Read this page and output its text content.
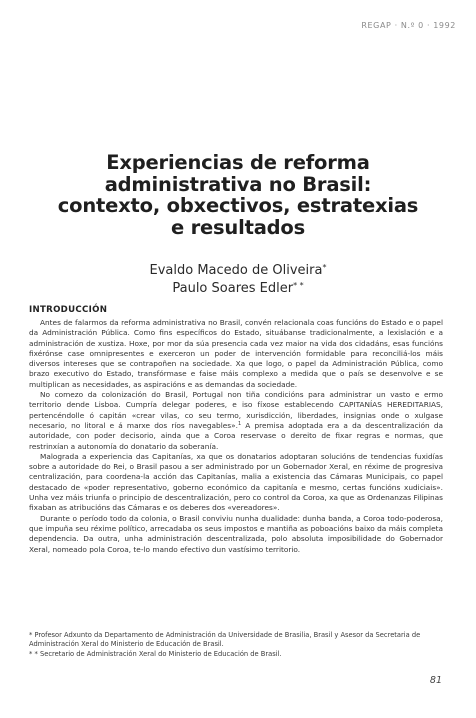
REGAP · N.º 0 · 1992
Experiencias de reforma
administrativa no Brasil:
contexto, obxectivos, estratexias
e resultados
Evaldo Macedo de Oliveira*
Paulo Soares Edler* *
INTRODUCCIÓN

Antes de falarmos da reforma administrativa no Brasil, convén relacionala coas funcións do Estado e o papel da Administración Pública. Como fins específicos do Estado, situábanse tradicionalmente, a lexislación e a administración de xustiza. Hoxe, por mor da súa presencia cada vez maior na vida dos cidadáns, esas funcións fixérónse case omnipresentes e exerceron un poder de intervención formidable para reconciliá-los máis diversos intereses que se contrapoñen na sociedade. Xa que logo, o papel da Administración Pública, como brazo executivo do Estado, transfórmase e faise máis complexo a medida que o país se desenvolve e se multiplican as necesidades, as aspiracións e as demandas da sociedade.

No comezo da colonización do Brasil, Portugal non tiña condicións para administrar un vasto e ermo territorio dende Lisboa. Cumpría delegar poderes, e iso fíxose establecendo CAPITANÍAS HEREDITARIAS, pertencéndolle ó capitán «crear vilas, co seu termo, xurisdicción, liberdades, insignias onde o xulgase necesario, no litoral e á marxe dos ríos navegables».$^1$ A premisa adoptada era a da descentralización da autoridade, con poder decisorio, ainda que a Coroa reservase o dereito de fixar regras e normas, que restrinxían a autonomía do donatario da soberanía.

Malograda a experiencia das Capitanías, xa que os donatarios adoptaran solucións de tendencias fuxidías sobre a autoridade do Rei, o Brasil pasou a ser administrado por un Gobernador Xeral, en réxime de progresiva centralización, para coordena-la acción das Capitanías, malia a existencia das Cámaras Municipais, co papel destacado de «poder representativo, goberno económico da capitanía e mesmo, certas funcións xudiciais». Unha vez máis triunfa o principio de descentralización, pero co control da Coroa, xa que as Ordenanzas Filipinas fixaban as atribucións das Cámaras e os deberes dos «vereadores».

Durante o período todo da colonia, o Brasil conviviu nunha dualidade: dunha banda, a Coroa todo-poderosa, que impuña seu réxime político, arrecadaba os seus impostos e mantiña as poboacións baixo da máis completa dependencia. Da outra, unha administración descentralizada, polo absoluta imposibilidade do Gobernador Xeral, nomeado pola Coroa, te-lo mando efectivo dun vastísimo territorio.

* Profesor Adxunto da Departamento de Administración da Universidade de Brasilia, Brasil y Asesor da Secretaria de Administración Xeral do Ministerio de Educación de Brasil.
* * Secretario de Administración Xeral do Ministerio de Educación de Brasil.
81
